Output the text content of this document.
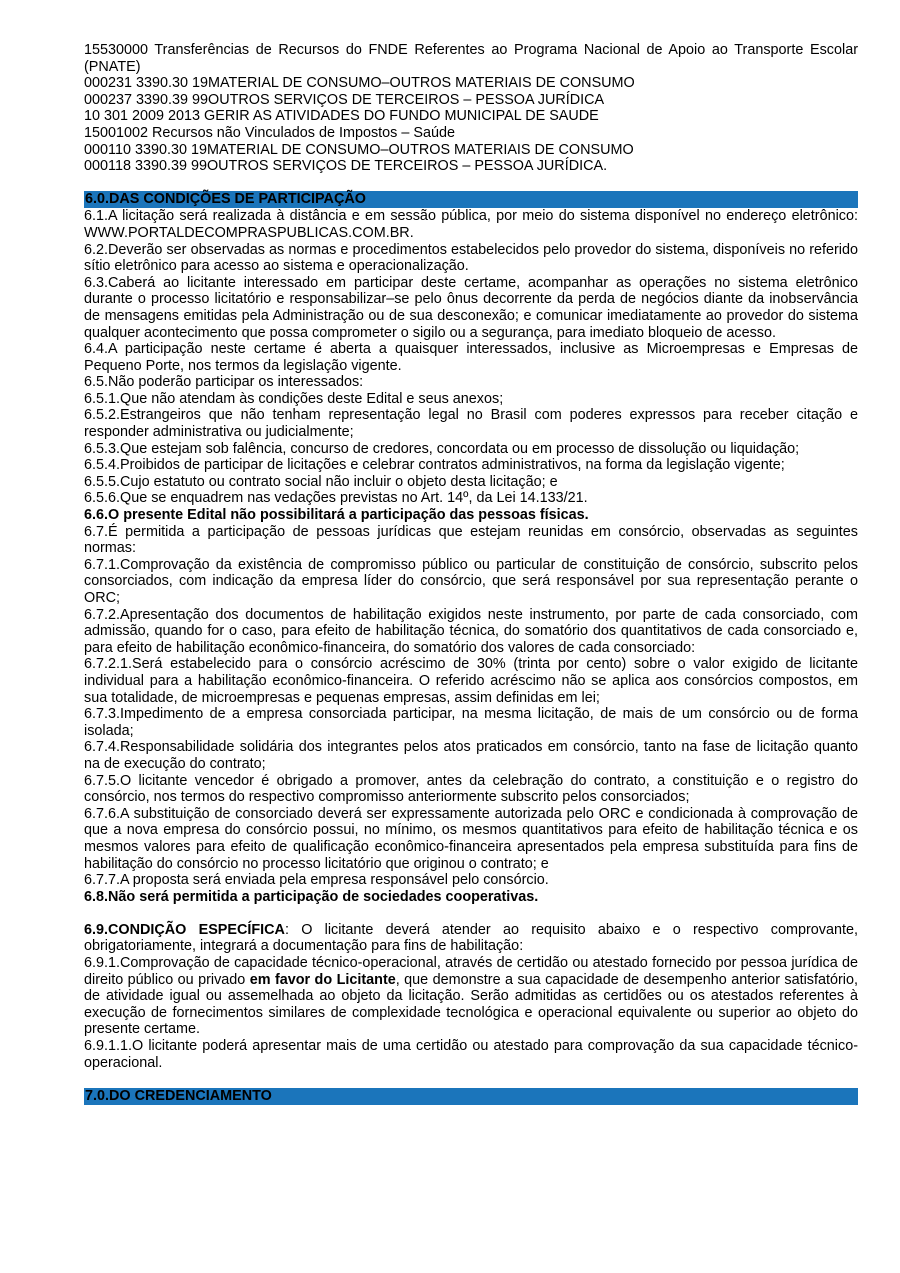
15530000 Transferências de Recursos do FNDE Referentes ao Programa Nacional de Apoio ao Transporte Escolar (PNATE)

000231 3390.30 19MATERIAL DE CONSUMO–OUTROS MATERIAIS DE CONSUMO

000237 3390.39 99OUTROS SERVIÇOS DE TERCEIROS – PESSOA JURÍDICA

10 301 2009 2013 GERIR AS ATIVIDADES DO FUNDO MUNICIPAL DE SAUDE

15001002 Recursos não Vinculados de Impostos – Saúde

000110 3390.30 19MATERIAL DE CONSUMO–OUTROS MATERIAIS DE CONSUMO

000118 3390.39 99OUTROS SERVIÇOS DE TERCEIROS – PESSOA JURÍDICA.

6.0.DAS CONDIÇÕES DE PARTICIPAÇÃO

6.1.A licitação será realizada à distância e em sessão pública, por meio do sistema disponível no endereço eletrônico: WWW.PORTALDECOMPRASPUBLICAS.COM.BR.

6.2.Deverão ser observadas as normas e procedimentos estabelecidos pelo provedor do sistema, disponíveis no referido sítio eletrônico para acesso ao sistema e operacionalização.

6.3.Caberá ao licitante interessado em participar deste certame, acompanhar as operações no sistema eletrônico durante o processo licitatório e responsabilizar–se pelo ônus decorrente da perda de negócios diante da inobservância de mensagens emitidas pela Administração ou de sua desconexão; e comunicar imediatamente ao provedor do sistema qualquer acontecimento que possa comprometer o sigilo ou a segurança, para imediato bloqueio de acesso.

6.4.A participação neste certame é aberta a quaisquer interessados, inclusive as Microempresas e Empresas de Pequeno Porte, nos termos da legislação vigente.

6.5.Não poderão participar os interessados:

6.5.1.Que não atendam às condições deste Edital e seus anexos;

6.5.2.Estrangeiros que não tenham representação legal no Brasil com poderes expressos para receber citação e responder administrativa ou judicialmente;

6.5.3.Que estejam sob falência, concurso de credores, concordata ou em processo de dissolução ou liquidação;

6.5.4.Proibidos de participar de licitações e celebrar contratos administrativos, na forma da legislação vigente;

6.5.5.Cujo estatuto ou contrato social não incluir o objeto desta licitação; e

6.5.6.Que se enquadrem nas vedações previstas no Art. 14º, da Lei 14.133/21.

6.6.O presente Edital não possibilitará a participação das pessoas físicas.

6.7.É permitida a participação de pessoas jurídicas que estejam reunidas em consórcio, observadas as seguintes normas:

6.7.1.Comprovação da existência de compromisso público ou particular de constituição de consórcio, subscrito pelos consorciados, com indicação da empresa líder do consórcio, que será responsável por sua representação perante o ORC;

6.7.2.Apresentação dos documentos de habilitação exigidos neste instrumento, por parte de cada consorciado, com admissão, quando for o caso, para efeito de habilitação técnica, do somatório dos quantitativos de cada consorciado e, para efeito de habilitação econômico-financeira, do somatório dos valores de cada consorciado:

6.7.2.1.Será estabelecido para o consórcio acréscimo de 30% (trinta por cento) sobre o valor exigido de licitante individual para a habilitação econômico-financeira. O referido acréscimo não se aplica aos consórcios compostos, em sua totalidade, de microempresas e pequenas empresas, assim definidas em lei;

6.7.3.Impedimento de a empresa consorciada participar, na mesma licitação, de mais de um consórcio ou de forma isolada;

6.7.4.Responsabilidade solidária dos integrantes pelos atos praticados em consórcio, tanto na fase de licitação quanto na de execução do contrato;

6.7.5.O licitante vencedor é obrigado a promover, antes da celebração do contrato, a constituição e o registro do consórcio, nos termos do respectivo compromisso anteriormente subscrito pelos consorciados;

6.7.6.A substituição de consorciado deverá ser expressamente autorizada pelo ORC e condicionada à comprovação de que a nova empresa do consórcio possui, no mínimo, os mesmos quantitativos para efeito de habilitação técnica e os mesmos valores para efeito de qualificação econômico-financeira apresentados pela empresa substituída para fins de habilitação do consórcio no processo licitatório que originou o contrato; e

6.7.7.A proposta será enviada pela empresa responsável pelo consórcio.

6.8.Não será permitida a participação de sociedades cooperativas.

6.9.CONDIÇÃO ESPECÍFICA: O licitante deverá atender ao requisito abaixo e o respectivo comprovante, obrigatoriamente, integrará a documentação para fins de habilitação:

6.9.1.Comprovação de capacidade técnico-operacional, através de certidão ou atestado fornecido por pessoa jurídica de direito público ou privado em favor do Licitante, que demonstre a sua capacidade de desempenho anterior satisfatório, de atividade igual ou assemelhada ao objeto da licitação. Serão admitidas as certidões ou os atestados referentes à execução de fornecimentos similares de complexidade tecnológica e operacional equivalente ou superior ao objeto do presente certame.

6.9.1.1.O licitante poderá apresentar mais de uma certidão ou atestado para comprovação da sua capacidade técnico-operacional.

7.0.DO CREDENCIAMENTO
